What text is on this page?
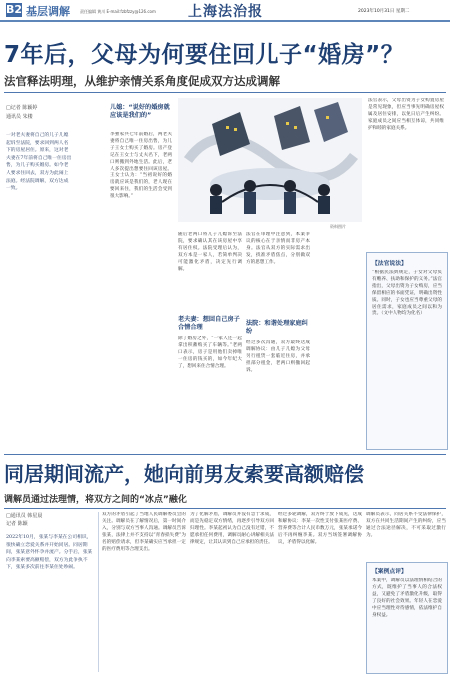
B2 基层调解	责任编辑 黄川 E-mail:fzbfzzy@126.com 上海法治报	2023年10月31日 星期二
7年后，父母为何要住回儿子“婚房”？
法官释法明理，从维护亲情关系角度促成双方达成调解
□记者 陈颖婷
通讯员 朱楼
一对老夫妻将自己的儿子儿媳起诉至法院，要求回到两人名下的房屋居住。原来，这对老夫妻在7年前将自己唯一住房出售，为儿子购买婚房。如今老人要求住回去，双方为此闹上法庭。经法院调解，双方达成一致。
资料图片
儿媳：“说好的婚房就应该是我们的”
李強家共七年前婚后，两老夫妻将自己唯一住房出售，为儿子王女士购买了婚房。房产登记在王女士与丈夫名下，老两口则搬到外地生活。此后，老人多次提出想要住回该房屋。王女士认为：“当初说好的婚房就应该是我们的，老人现在要回来住，我们的生活会受到很大影响。”
随后老两口将儿子儿媳诉至法院，要求确认其在该房屋中享有居住权。法院受理后认为，双方本是一家人，若简单判决可能激化矛盾，决定先行调解。
老夫妻：想回自己房子合情合理
除了婚房之外，“一家人还一起拿出积蓄购买了车辆等。”老两口表示，房子是用他们卖掉唯一住房的钱买的，如今年纪大了，想回来住合情合理。
法官在审理中注意到，本案争议的核心在于亲情而非房产本身。法官从双方的实际需求出发，找准矛盾焦点，分别做双方的思想工作。
法院：和谐处理家庭纠纷
经过多次沟通，双方最终达成调解协议：由儿子儿媳为父母另行租赁一套临近住房，并承担部分租金，老两口则撤回起诉。
法官表示，父母出资为子女购置房屋是常见现象，但应当事先明确房屋权属及居住安排，以免日后产生纠纷。家庭成员之间应当相互体谅，共同维护和睦的家庭关系。
【法官说法】
“根据民法典规定，子女对父母负有赡养、扶助和保护的义务。”法官指出，父母出资为子女购房，应当保留相应的书面凭证，明确出资性质。同时，子女也应当尊重父母的居住需求，家庭成员之间以和为贵。（文中人物均为化名）
同居期间流产，她向前男友索要高额赔偿
调解员通过法理情，将双方之间的“冰点”融化
□通讯员 韩星晨
记者 陈颖
2022年10月，张某与李某在公司相识，很快确立恋爱关系并开始同居。同居期间，张某意外怀孕并流产。分手后，张某向李某索要高额赔偿，双方为此争执不下，张某多次前往李某住处吵闹。
双方的矛盾引起了当地人民调解委员会的关注。调解员在了解情况后，第一时间介入，分别与双方当事人沟通。调解员告诉张某，法律上并不支持以“青春损失费”为名的赔偿请求，但李某确实应当承担一定的医疗费用等合理支出。
为了化解矛盾，调解员并没有急于求成，而是先稳定双方情绪，再逐步引导双方回归理性。李某起初认为自己没有过错，不愿承担任何费用，调解员耐心讲解相关法律规定，让其认识到自己应承担的责任。
经过多轮调解，双方终于放下成见，达成和解协议：李某一次性支付张某医疗费、营养费等合计人民币数万元，张某承诺今后不再纠缠李某。双方当场签署调解协议，矛盾得以化解。
调解员表示，同居关系不受法律保护，双方在共同生活期间产生的纠纷，应当通过合法途径解决，不可采取过激行为。
【案例点评】
本案中，调解员以法理情相结合的方式，既维护了当事人的合法权益，又避免了矛盾激化升级，取得了良好的社会效果。年轻人在恋爱中应当理性对待感情，依法维护自身权益。
